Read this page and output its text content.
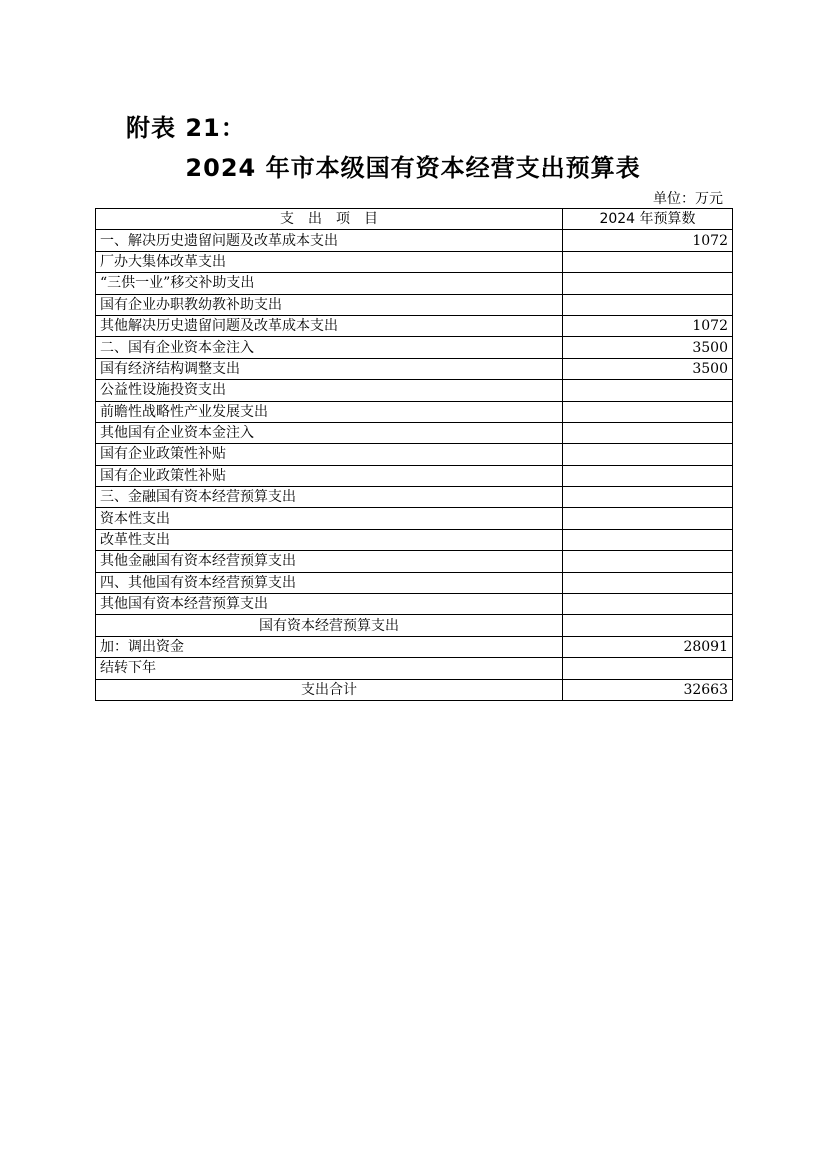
附表 21：
2024 年市本级国有资本经营支出预算表
单位：万元
支　出　项　目	2024 年预算数
一、解决历史遗留问题及改革成本支出	1072
厂办大集体改革支出	
“三供一业”移交补助支出	
国有企业办职教幼教补助支出	
其他解决历史遗留问题及改革成本支出	1072
二、国有企业资本金注入	3500
国有经济结构调整支出	3500
公益性设施投资支出	
前瞻性战略性产业发展支出	
其他国有企业资本金注入	
国有企业政策性补贴	
国有企业政策性补贴	
三、金融国有资本经营预算支出	
资本性支出	
改革性支出	
其他金融国有资本经营预算支出	
四、其他国有资本经营预算支出	
其他国有资本经营预算支出	
国有资本经营预算支出	
加：调出资金	28091
结转下年	
支出合计	32663
